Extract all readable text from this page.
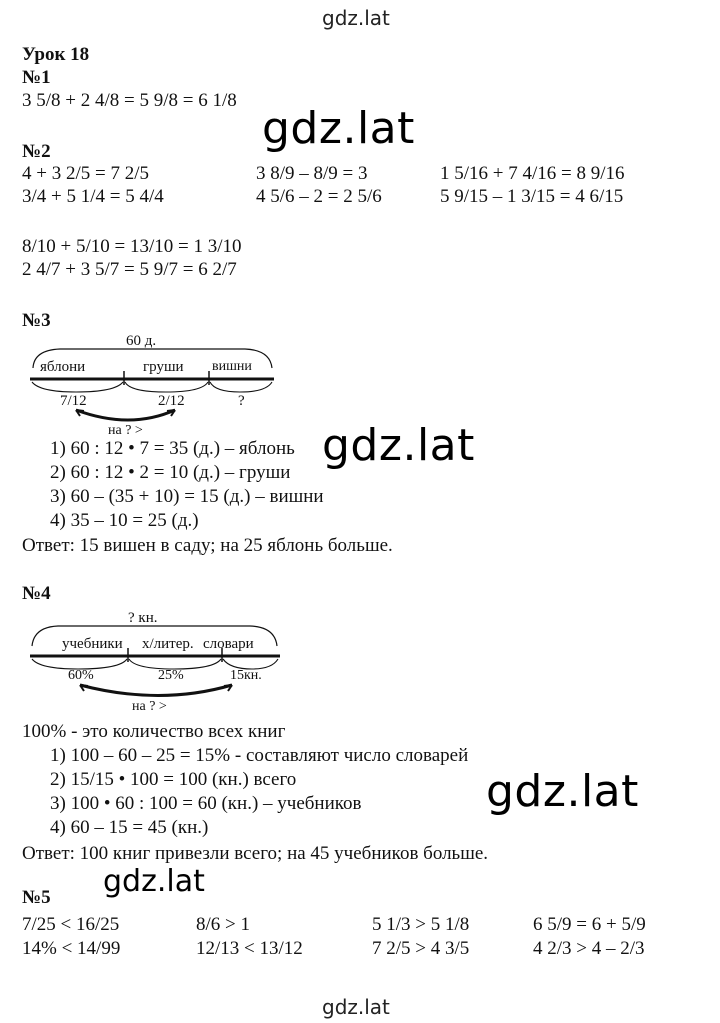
gdz.lat
gdz.lat
Урок 18
№1
3 5/8 + 2 4/8 = 5 9/8 = 6 1/8
gdz.lat
№2
4 + 3 2/5 = 7 2/5	3 8/9 – 8/9 = 3	1 5/16 + 7 4/16 = 8 9/16
3/4 + 5 1/4 = 5 4/4	4 5/6 – 2 = 2 5/6	5 9/15 – 1 3/15 = 4 6/15
8/10 + 5/10 = 13/10 = 1 3/10
2 4/7 + 3 5/7 = 5 9/7 = 6 2/7
№3
60 д.
яблони	груши вишни
7/12	2/12	?
на ? >
1) 60 : 12 • 7 = 35 (д.) – яблонь
2) 60 : 12 • 2 = 10 (д.) – груши
3) 60 – (35 + 10) = 15 (д.) – вишни
4) 35 – 10 = 25 (д.)
Ответ: 15 вишен в саду; на 25 яблонь больше.
gdz.lat
№4
? кн.
учебники х/литер. словари
60%	25%	15кн.
на ? >
100% - это количество всех книг
1) 100 – 60 – 25 = 15% - составляют число словарей
2) 15/15 • 100 = 100 (кн.) всего
3) 100 • 60 : 100 = 60 (кн.) – учебников
4) 60 – 15 = 45 (кн.)
Ответ: 100 книг привезли всего; на 45 учебников больше.
gdz.lat
gdz.lat
№5
7/25 < 16/25	8/6 > 1	5 1/3 > 5 1/8	6 5/9 = 6 + 5/9
14% < 14/99	12/13 < 13/12	7 2/5 > 4 3/5	4 2/3 > 4 – 2/3
